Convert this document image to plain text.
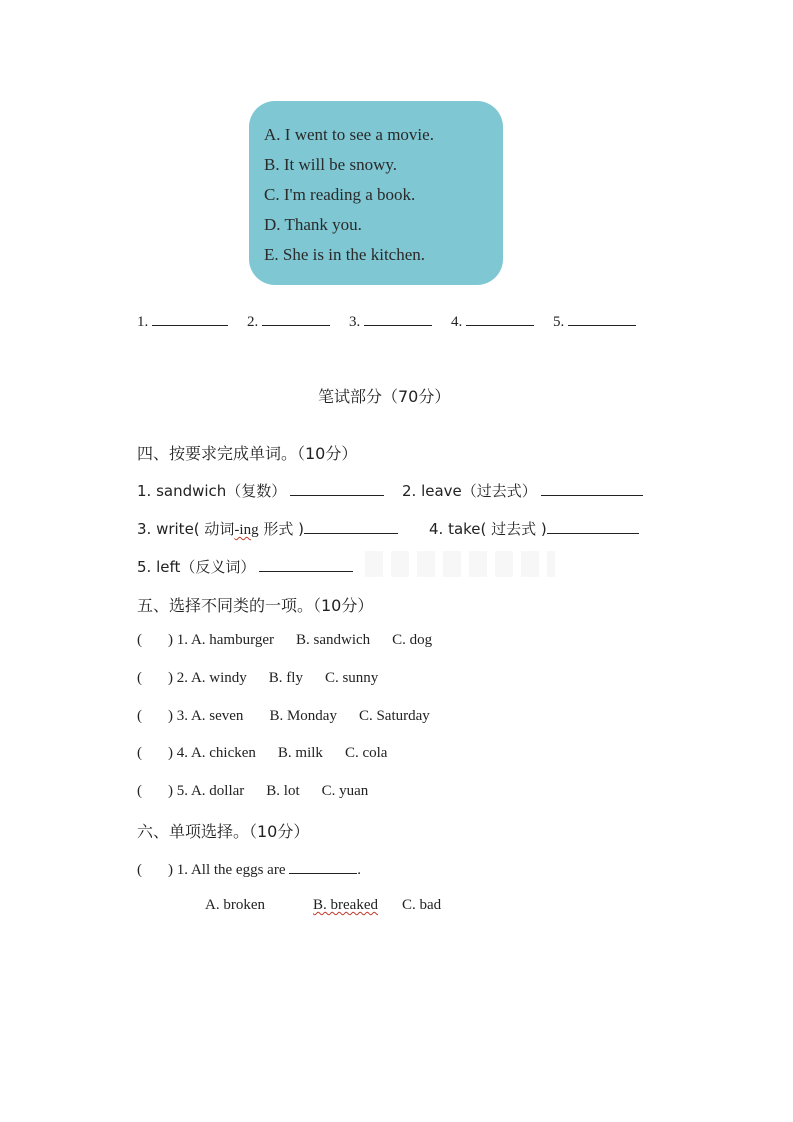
A. I went to see a movie.
B. It will be snowy.
C. I'm reading a book.
D. Thank you.
E. She is in the kitchen.
1.	2.	3.	4.	5.
笔试部分（70分）
四、按要求完成单词。（10分）
1. sandwich（复数）	2. leave（过去式）
3. write( 动词-ing 形式 )	4. take( 过去式 )
5. left（反义词）
五、选择不同类的一项。（10分）
( ) 1. A. hamburger B. sandwich C. dog
( ) 2. A. windy B. fly C. sunny
( ) 3. A. seven B. Monday C. Saturday
( ) 4. A. chicken B. milk C. cola
( ) 5. A. dollar B. lot C. yuan
六、单项选择。（10分）
( ) 1. All the eggs are	.
A. broken	B. breaked C. bad
